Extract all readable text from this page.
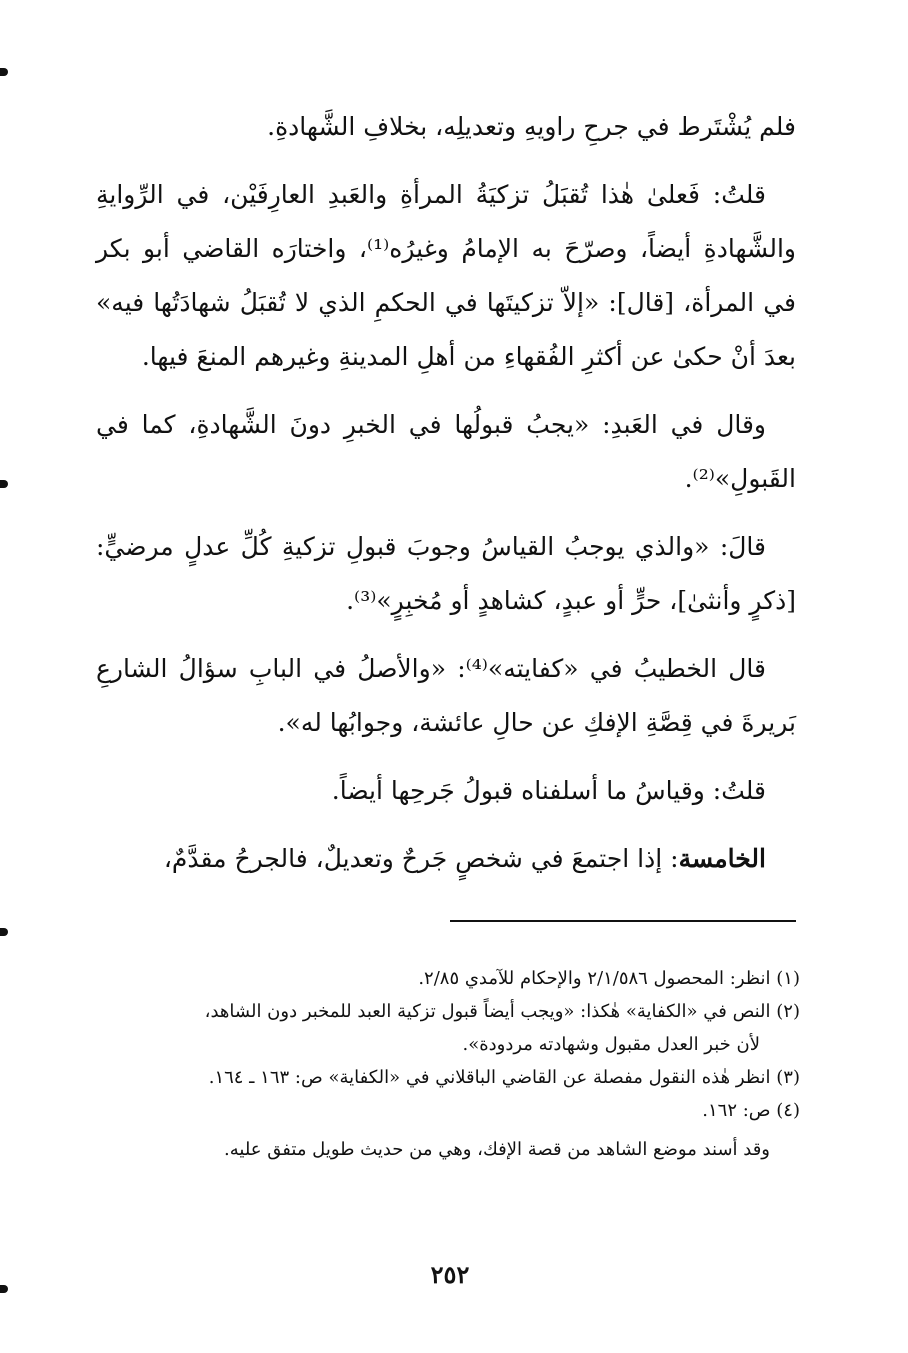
فلم يُشْتَرط في جرحِ راويهِ وتعديلِه، بخلافِ الشَّهادةِ.

قلتُ: فَعلىٰ هٰذا تُقبَلُ تزكيَةُ المرأةِ والعَبدِ العارِفَيْن، في الرِّوايةِ والشَّهادةِ أيضاً، وصرّحَ به الإمامُ وغيرُه⁽¹⁾، واختارَه القاضي أبو بكر في المرأة، [قال]: «إلاّ تزكيتَها في الحكمِ الذي لا تُقبَلُ شهادَتُها فيه» بعدَ أنْ حكىٰ عن أكثرِ الفُقهاءِ من أهلِ المدينةِ وغيرهم المنعَ فيها.

وقال في العَبدِ: «يجبُ قبولُها في الخبرِ دونَ الشَّهادةِ، كما في القَبولِ»⁽²⁾.

قالَ: «والذي يوجبُ القياسُ وجوبَ قبولِ تزكيةِ كُلِّ عدلٍ مرضيٍّ: [ذكرٍ وأنثىٰ]، حرٍّ أو عبدٍ، كشاهدٍ أو مُخبِرٍ»⁽³⁾.

قال الخطيبُ في «كفايته»⁽⁴⁾: «والأصلُ في البابِ سؤالُ الشارعِ بَريرةَ في قِصَّةِ الإفكِ عن حالِ عائشة، وجوابُها له».

قلتُ: وقياسُ ما أسلفناه قبولُ جَرحِها أيضاً.

الخامسة: إذا اجتمعَ في شخصٍ جَرحٌ وتعديلٌ، فالجرحُ مقدَّمٌ،

(١) انظر: المحصول ٢/١/٥٨٦ والإحكام للآمدي ٢/٨٥.

(٢) النص في «الكفاية» هٰكذا: «ويجب أيضاً قبول تزكية العبد للمخبر دون الشاهد،

لأن خبر العدل مقبول وشهادته مردودة».

(٣) انظر هٰذه النقول مفصلة عن القاضي الباقلاني في «الكفاية» ص: ١٦٣ ـ ١٦٤.

(٤) ص: ١٦٢.

وقد أسند موضع الشاهد من قصة الإفك، وهي من حديث طويل متفق عليه.

٢٥٢
